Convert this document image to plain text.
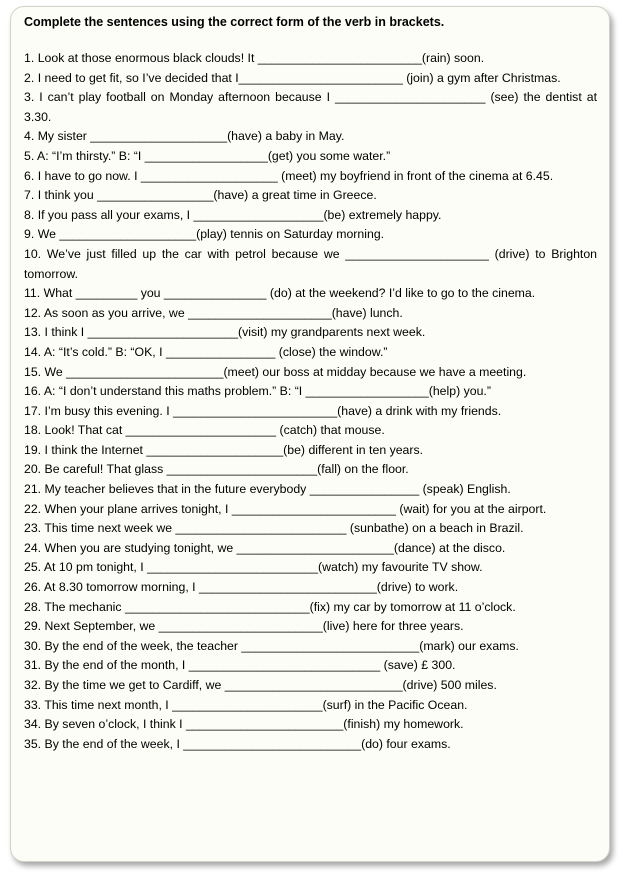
Complete the sentences using the correct form of the verb in brackets.
1. Look at those enormous black clouds! It ________________________(rain) soon.
2. I need to get fit, so I’ve decided that I________________________ (join) a gym after Christmas.
3. I can’t play football on Monday afternoon because I ______________________ (see) the dentist at 3.30.
4. My sister ____________________(have) a baby in May.
5. A: “I’m thirsty.” B: “I __________________(get) you some water.”
6. I have to go now. I ____________________ (meet) my boyfriend in front of the cinema at 6.45.
7. I think you _________________(have) a great time in Greece.
8. If you pass all your exams, I ___________________(be) extremely happy.
9. We ____________________(play) tennis on Saturday morning.
10. We’ve just filled up the car with petrol because we _____________________ (drive) to Brighton tomorrow.
11. What _________ you _______________ (do) at the weekend? I’d like to go to the cinema.
12. As soon as you arrive, we _____________________(have) lunch.
13. I think I ______________________(visit) my grandparents next week.
14. A: “It’s cold.” B: “OK, I ________________ (close) the window.”
15. We _______________________(meet) our boss at midday because we have a meeting.
16. A: “I don’t understand this maths problem.” B: “I __________________(help) you.”
17. I’m busy this evening. I ________________________(have) a drink with my friends.
18. Look! That cat ______________________ (catch) that mouse.
19. I think the Internet ____________________(be) different in ten years.
20. Be careful! That glass ______________________(fall) on the floor.
21. My teacher believes that in the future everybody ________________ (speak) English.
22. When your plane arrives tonight, I ________________________ (wait) for you at the airport.
23. This time next week we _________________________ (sunbathe) on a beach in Brazil.
24. When you are studying tonight, we _______________________(dance) at the disco.
25. At 10 pm tonight, I _________________________(watch) my favourite TV show.
26. At 8.30 tomorrow morning, I __________________________(drive) to work.
28. The mechanic ___________________________(fix) my car by tomorrow at 11 o’clock.
29. Next September, we ________________________(live) here for three years.
30. By the end of the week, the teacher __________________________(mark) our exams.
31. By the end of the month, I ____________________________ (save) £ 300.
32. By the time we get to Cardiff, we __________________________(drive) 500 miles.
33. This time next month, I ______________________(surf) in the Pacific Ocean.
34. By seven o’clock, I think I _______________________(finish) my homework.
35. By the end of the week, I __________________________(do) four exams.
